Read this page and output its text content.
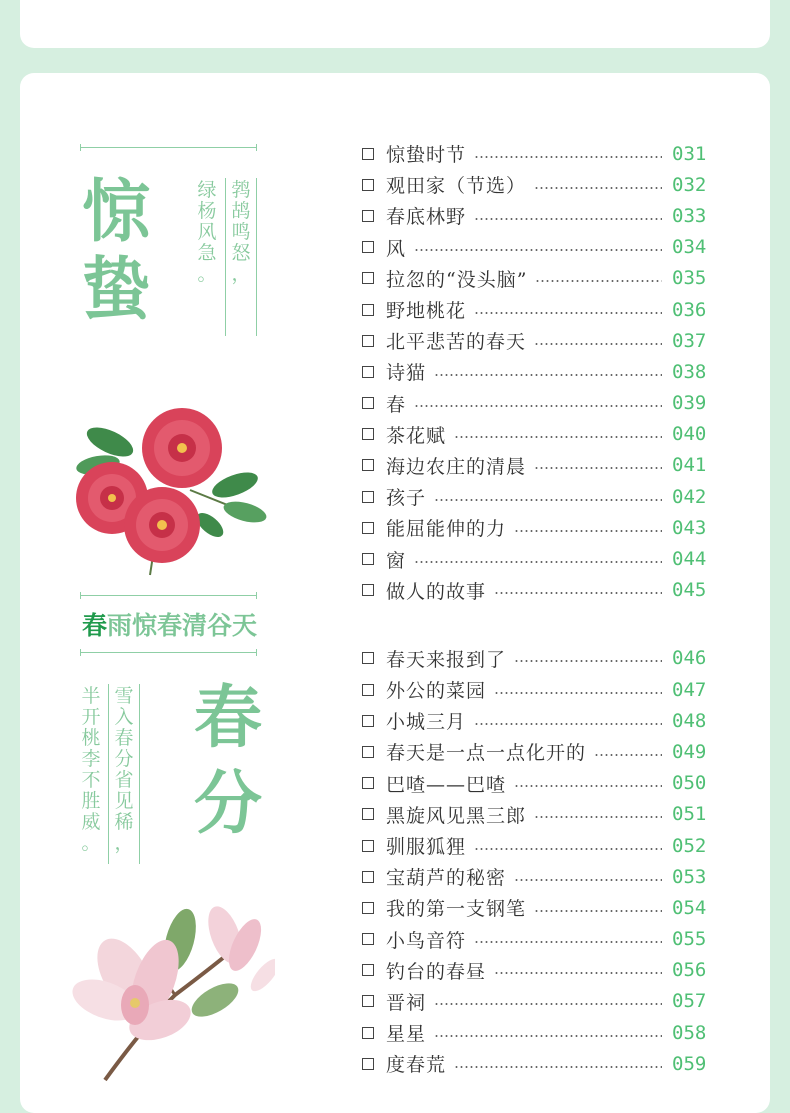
惊
蛰
鹁
鸪
鸣
怒
，
绿
杨
风
急
。
春雨惊春清谷天
雪
入
春
分
省
见
稀
，
半
开
桃
李
不
胜
威
。
春
分
惊蛰时节	031
观田家（节选）	032
春底林野	033
风	034
拉忽的“没头脑”	035
野地桃花	036
北平悲苦的春天	037
诗猫	038
春	039
茶花赋	040
海边农庄的清晨	041
孩子	042
能屈能伸的力	043
窗	044
做人的故事	045
春天来报到了	046
外公的菜园	047
小城三月	048
春天是一点一点化开的	049
巴喳——巴喳	050
黑旋风见黑三郎	051
驯服狐狸	052
宝葫芦的秘密	053
我的第一支钢笔	054
小鸟音符	055
钓台的春昼	056
晋祠	057
星星	058
度春荒	059
